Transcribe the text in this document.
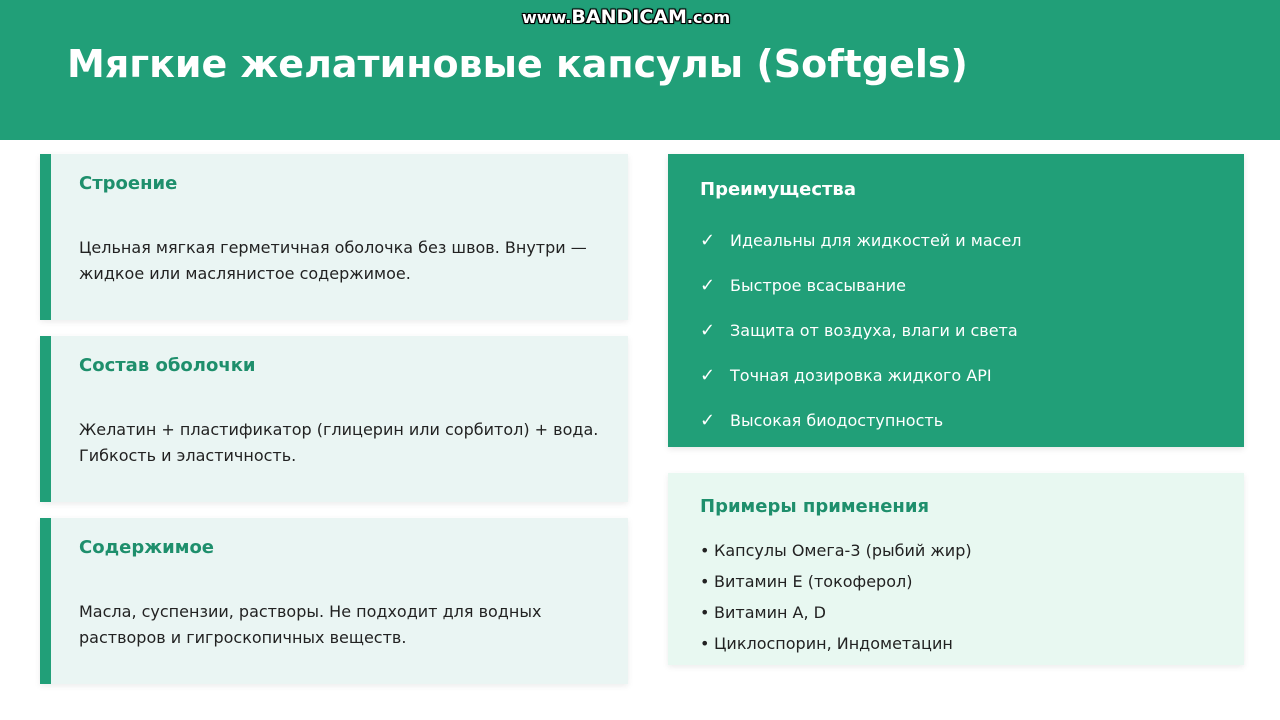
Мягкие желатиновые капсулы (Softgels)
www.BANDICAM.com
Строение

Цельная мягкая герметичная оболочка без швов. Внутри — жидкое или маслянистое содержимое.

Состав оболочки

Желатин + пластификатор (глицерин или сорбитол) + вода. Гибкость и эластичность.

Содержимое

Масла, суспензии, растворы. Не подходит для водных растворов и гигроскопичных веществ.

Преимущества
✓ Идеальны для жидкостей и масел
✓ Быстрое всасывание
✓ Защита от воздуха, влаги и света
✓ Точная дозировка жидкого API
✓ Высокая биодоступность
Примеры применения
• Капсулы Омега-3 (рыбий жир)
• Витамин E (токоферол)
• Витамин A, D
• Циклоспорин, Индометацин
